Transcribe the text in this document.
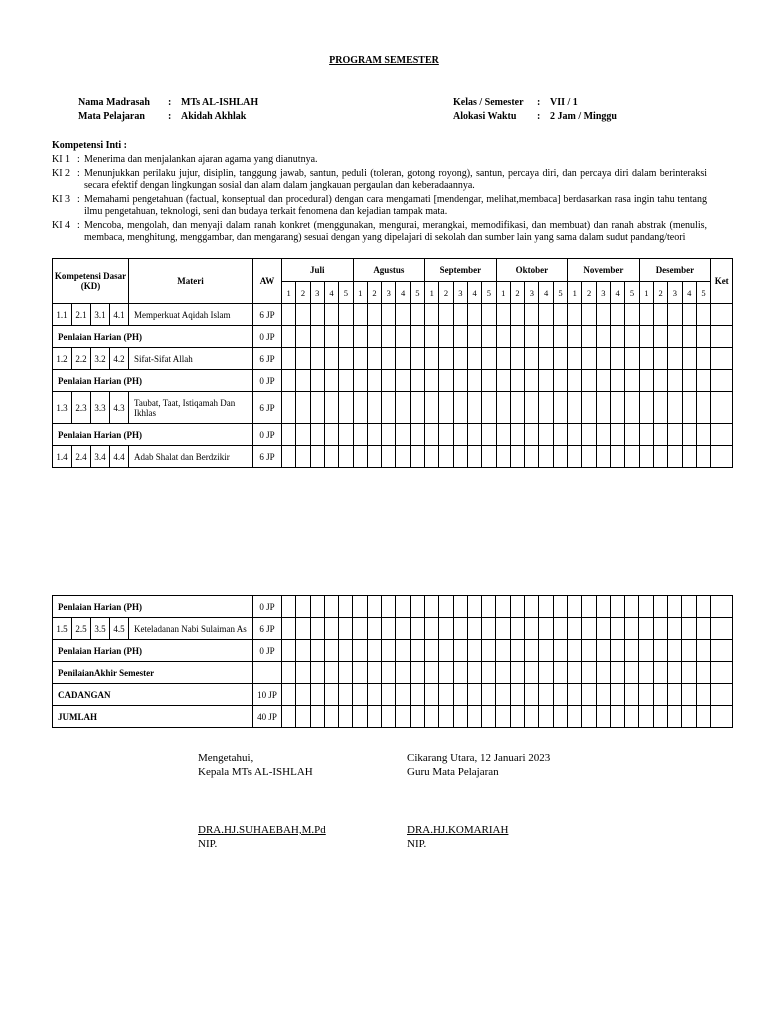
PROGRAM SEMESTER
Nama Madrasah : MTs AL-ISHLAH
Mata Pelajaran : Akidah Akhlak
Kelas / Semester : VII / 1
Alokasi Waktu : 2 Jam / Minggu
Kompetensi Inti :
KI 1 : Menerima dan menjalankan ajaran agama yang dianutnya.
KI 2 : Menunjukkan perilaku jujur, disiplin, tanggung jawab, santun, peduli (toleran, gotong royong), santun, percaya diri, dan percaya diri dalam berinteraksi secara efektif dengan lingkungan sosial dan alam dalam jangkauan pergaulan dan keberadaannya.
KI 3 : Memahami pengetahuan (factual, konseptual dan procedural) dengan cara mengamati [mendengar, melihat,membaca] berdasarkan rasa ingin tahu tentang ilmu pengetahuan, teknologi, seni dan budaya terkait fenomena dan kejadian tampak mata.
KI 4 : Mencoba, mengolah, dan menyaji dalam ranah konkret (menggunakan, mengurai, merangkai, memodifikasi, dan membuat) dan ranah abstrak (menulis, membaca, menghitung, menggambar, dan mengarang) sesuai dengan yang dipelajari di sekolah dan sumber lain yang sama dalam sudut pandang/teori
Kompetensi Dasar (KD)				Materi	AW	Juli					Agustus					September					Oktober					November					Desember					Ket
						1	2	3	4	5	1	2	3	4	5	1	2	3	4	5	1	2	3	4	5	1	2	3	4	5	1	2	3	4	5	
1.1	2.1	3.1	4.1	Memperkuat Aqidah Islam	6 JP																															
Penlaian Harian (PH)					0 JP																															
1.2	2.2	3.2	4.2	Sifat-Sifat Allah	6 JP																															
Penlaian Harian (PH)					0 JP																															
1.3	2.3	3.3	4.3	Taubat, Taat, Istiqamah Dan Ikhlas	6 JP																															
Penlaian Harian (PH)					0 JP																															
1.4	2.4	3.4	4.4	Adab Shalat dan Berdzikir	6 JP																															
Penlaian Harian (PH)					0 JP																															
1.5	2.5	3.5	4.5	Keteladanan Nabi Sulaiman As	6 JP																															
Penlaian Harian (PH)					0 JP																															
PenilaianAkhir Semester																																				
CADANGAN					10 JP																															
JUMLAH					40 JP																															
Mengetahui,
Kepala MTs AL-ISHLAH
DRA.HJ.SUHAEBAH,M.Pd
NIP.
Cikarang Utara, 12 Januari 2023
Guru Mata Pelajaran
DRA.HJ.KOMARIAH
NIP.
